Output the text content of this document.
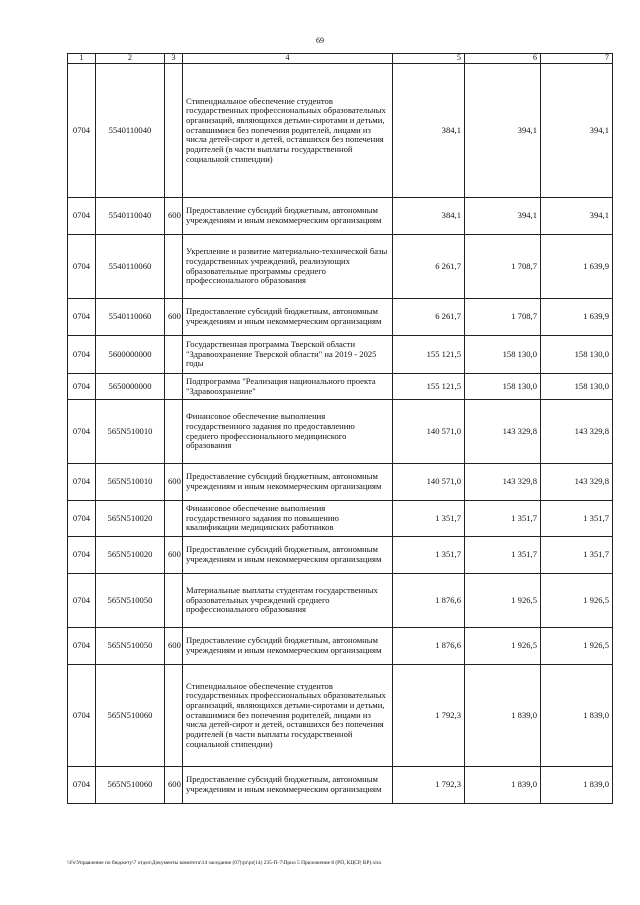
69
1	2	3	4	5	6	7
0704	5540110040		Стипендиальное обеспечение студентов государственных профессиональных образовательных организаций, являющихся детьми-сиротами и детьми, оставшимися без попечения родителей, лицами из числа детей-сирот и детей, оставшихся без попечения родителей (в части выплаты государственной социальной стипендии)	384,1	394,1	394,1
0704	5540110040	600	Предоставление субсидий бюджетным, автономным учреждениям и иным некоммерческим организациям	384,1	394,1	394,1
0704	5540110060		Укрепление и развитие материально-технической базы государственных учреждений, реализующих образовательные программы среднего профессионального образования	6 261,7	1 708,7	1 639,9
0704	5540110060	600	Предоставление субсидий бюджетным, автономным учреждениям и иным некоммерческим организациям	6 261,7	1 708,7	1 639,9
0704	5600000000		Государственная программа Тверской области "Здравоохранение Тверской области" на 2019 - 2025 годы	155 121,5	158 130,0	158 130,0
0704	5650000000		Подпрограмма "Реализация национального проекта "Здравоохранение"	155 121,5	158 130,0	158 130,0
0704	565N510010		Финансовое обеспечение выполнения государственного задания по предоставлению среднего профессионального медицинского образования	140 571,0	143 329,8	143 329,8
0704	565N510010	600	Предоставление субсидий бюджетным, автономным учреждениям и иным некоммерческим организациям	140 571,0	143 329,8	143 329,8
0704	565N510020		Финансовое обеспечение выполнения государственного задания по повышению квалификации медицинских работников	1 351,7	1 351,7	1 351,7
0704	565N510020	600	Предоставление субсидий бюджетным, автономным учреждениям и иным некоммерческим организациям	1 351,7	1 351,7	1 351,7
0704	565N510050		Материальные выплаты студентам государственных образовательных учреждений среднего профессионального образования	1 876,6	1 926,5	1 926,5
0704	565N510050	600	Предоставление субсидий бюджетным, автономным учреждениям и иным некоммерческим организациям	1 876,6	1 926,5	1 926,5
0704	565N510060		Стипендиальное обеспечение студентов государственных профессиональных образовательных организаций, являющихся детьми-сиротами и детьми, оставшимися без попечения родителей, лицами из числа детей-сирот и детей, оставшихся без попечения родителей (в части выплаты государственной социальной стипендии)	1 792,3	1 839,0	1 839,0
0704	565N510060	600	Предоставление субсидий бюджетным, автономным учреждениям и иным некоммерческим организациям	1 792,3	1 839,0	1 839,0
\\Fs\Управление по бюджету\7 отдел\Документы комитета\14 заседание (07)\pr\pr(14) 235-П-7\Прил 5 Приложение 8 (РП, КЦСР, ВР).xlsx
